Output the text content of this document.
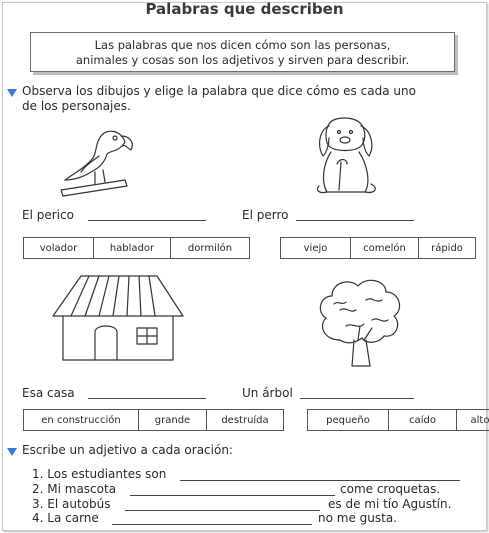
Palabras que describen
Las palabras que nos dicen cómo son las personas,
animales y cosas son los adjetivos y sirven para describir.
Observa los dibujos y elige la palabra que dice cómo es cada uno
de los personajes.
El perico	El perro
volador	hablador	dormilón	viejo	comelón	rápido
Esa casa	Un árbol
en construcción	grande	destruída	pequeño	caído	alto
Escribe un adjetivo a cada oración:
1. Los estudiantes son
2. Mi mascota	come croquetas.
3. El autobús	es de mi tío Agustín.
4. La carne	no me gusta.
